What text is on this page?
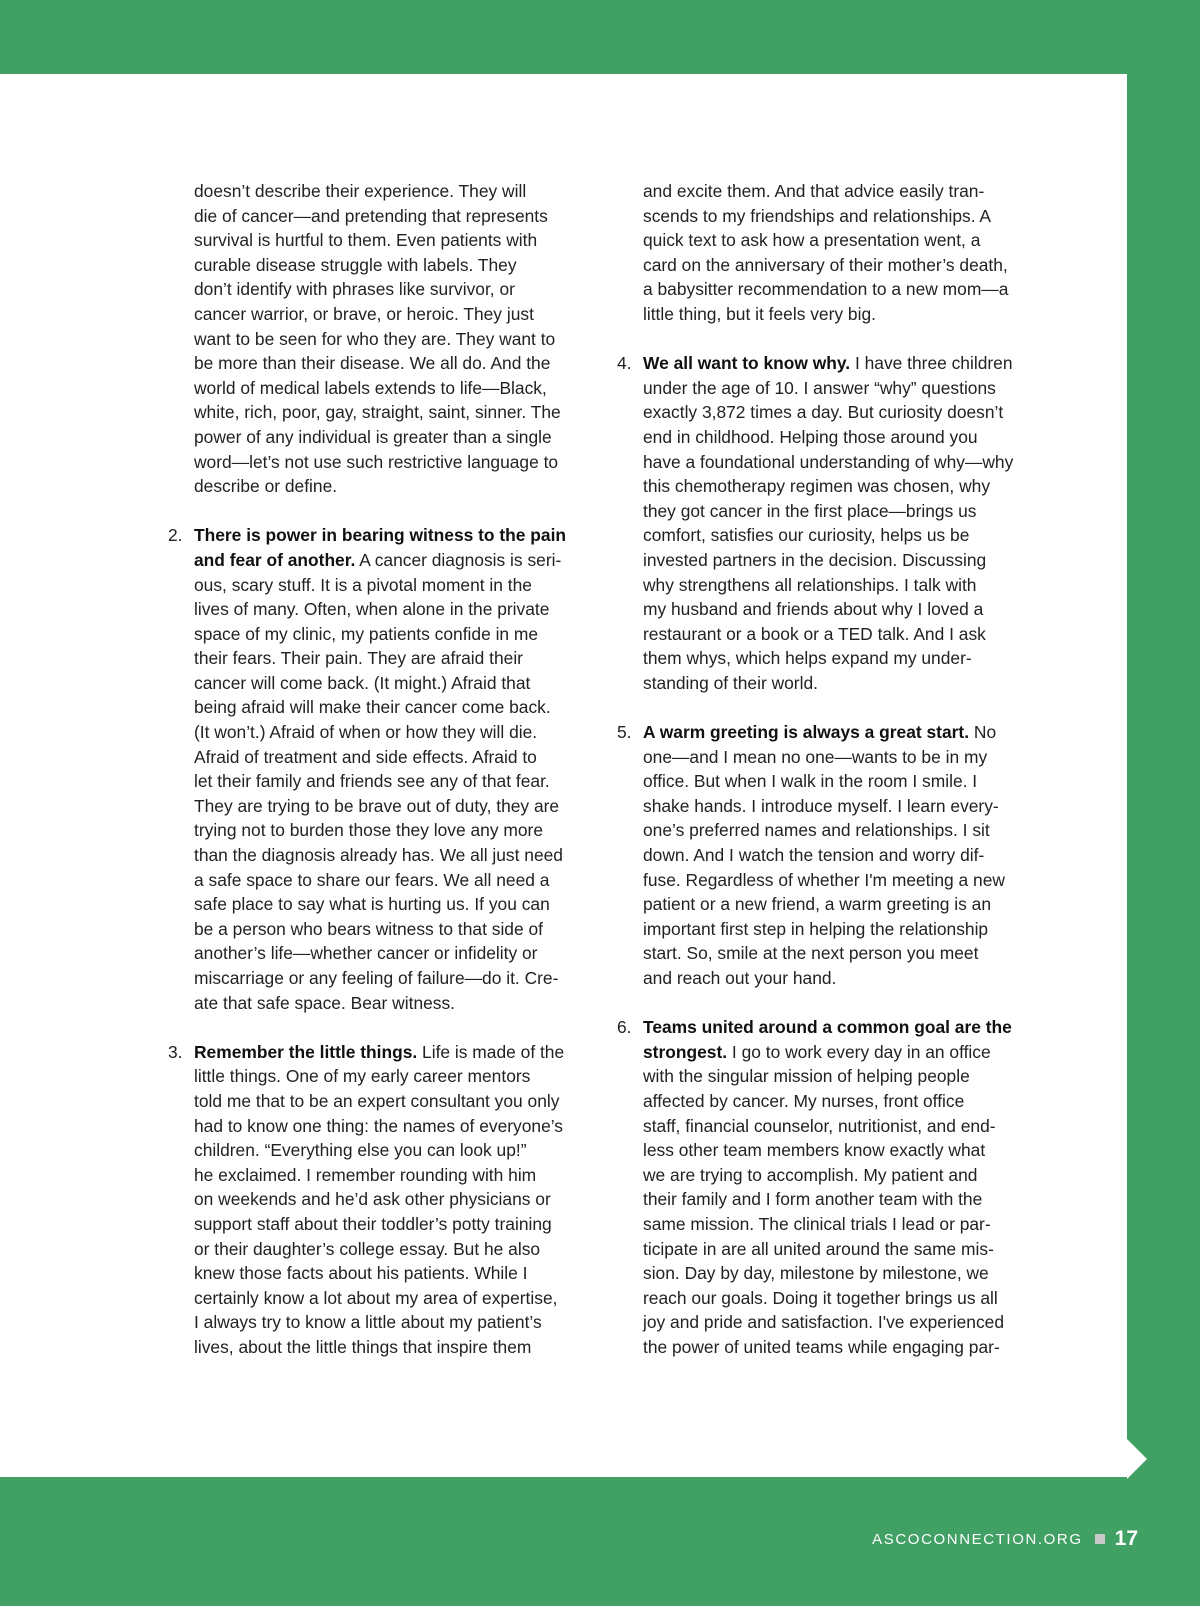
doesn’t describe their experience. They will

die of cancer—and pretending that represents

survival is hurtful to them. Even patients with

curable disease struggle with labels. They

don’t identify with phrases like survivor, or

cancer warrior, or brave, or heroic. They just

want to be seen for who they are. They want to

be more than their disease. We all do. And the

world of medical labels extends to life—Black,

white, rich, poor, gay, straight, saint, sinner. The

power of any individual is greater than a single

word—let’s not use such restrictive language to

describe or define.

2. There is power in bearing witness to the pain

and fear of another. A cancer diagnosis is seri-

ous, scary stuff. It is a pivotal moment in the

lives of many. Often, when alone in the private

space of my clinic, my patients confide in me

their fears. Their pain. They are afraid their

cancer will come back. (It might.) Afraid that

being afraid will make their cancer come back.

(It won’t.) Afraid of when or how they will die.

Afraid of treatment and side effects. Afraid to

let their family and friends see any of that fear.

They are trying to be brave out of duty, they are

trying not to burden those they love any more

than the diagnosis already has. We all just need

a safe space to share our fears. We all need a

safe place to say what is hurting us. If you can

be a person who bears witness to that side of

another’s life—whether cancer or infidelity or

miscarriage or any feeling of failure—do it. Cre-

ate that safe space. Bear witness.

3. Remember the little things. Life is made of the

little things. One of my early career mentors

told me that to be an expert consultant you only

had to know one thing: the names of everyone’s

children. “Everything else you can look up!”

he exclaimed. I remember rounding with him

on weekends and he’d ask other physicians or

support staff about their toddler’s potty training

or their daughter’s college essay. But he also

knew those facts about his patients. While I

certainly know a lot about my area of expertise,

I always try to know a little about my patient’s

lives, about the little things that inspire them

and excite them. And that advice easily tran-

scends to my friendships and relationships. A

quick text to ask how a presentation went, a

card on the anniversary of their mother’s death,

a babysitter recommendation to a new mom—a

little thing, but it feels very big.

4. We all want to know why. I have three children

under the age of 10. I answer “why” questions

exactly 3,872 times a day. But curiosity doesn’t

end in childhood. Helping those around you

have a foundational understanding of why—why

this chemotherapy regimen was chosen, why

they got cancer in the first place—brings us

comfort, satisfies our curiosity, helps us be

invested partners in the decision. Discussing

why strengthens all relationships. I talk with

my husband and friends about why I loved a

restaurant or a book or a TED talk. And I ask

them whys, which helps expand my under-

standing of their world.

5. A warm greeting is always a great start. No

one—and I mean no one—wants to be in my

office. But when I walk in the room I smile. I

shake hands. I introduce myself. I learn every-

one’s preferred names and relationships. I sit

down. And I watch the tension and worry dif-

fuse. Regardless of whether I'm meeting a new

patient or a new friend, a warm greeting is an

important first step in helping the relationship

start. So, smile at the next person you meet

and reach out your hand.

6. Teams united around a common goal are the

strongest. I go to work every day in an office

with the singular mission of helping people

affected by cancer. My nurses, front office

staff, financial counselor, nutritionist, and end-

less other team members know exactly what

we are trying to accomplish. My patient and

their family and I form another team with the

same mission. The clinical trials I lead or par-

ticipate in are all united around the same mis-

sion. Day by day, milestone by milestone, we

reach our goals. Doing it together brings us all

joy and pride and satisfaction. I've experienced

the power of united teams while engaging par-

ASCOCONNECTION.ORG 17
